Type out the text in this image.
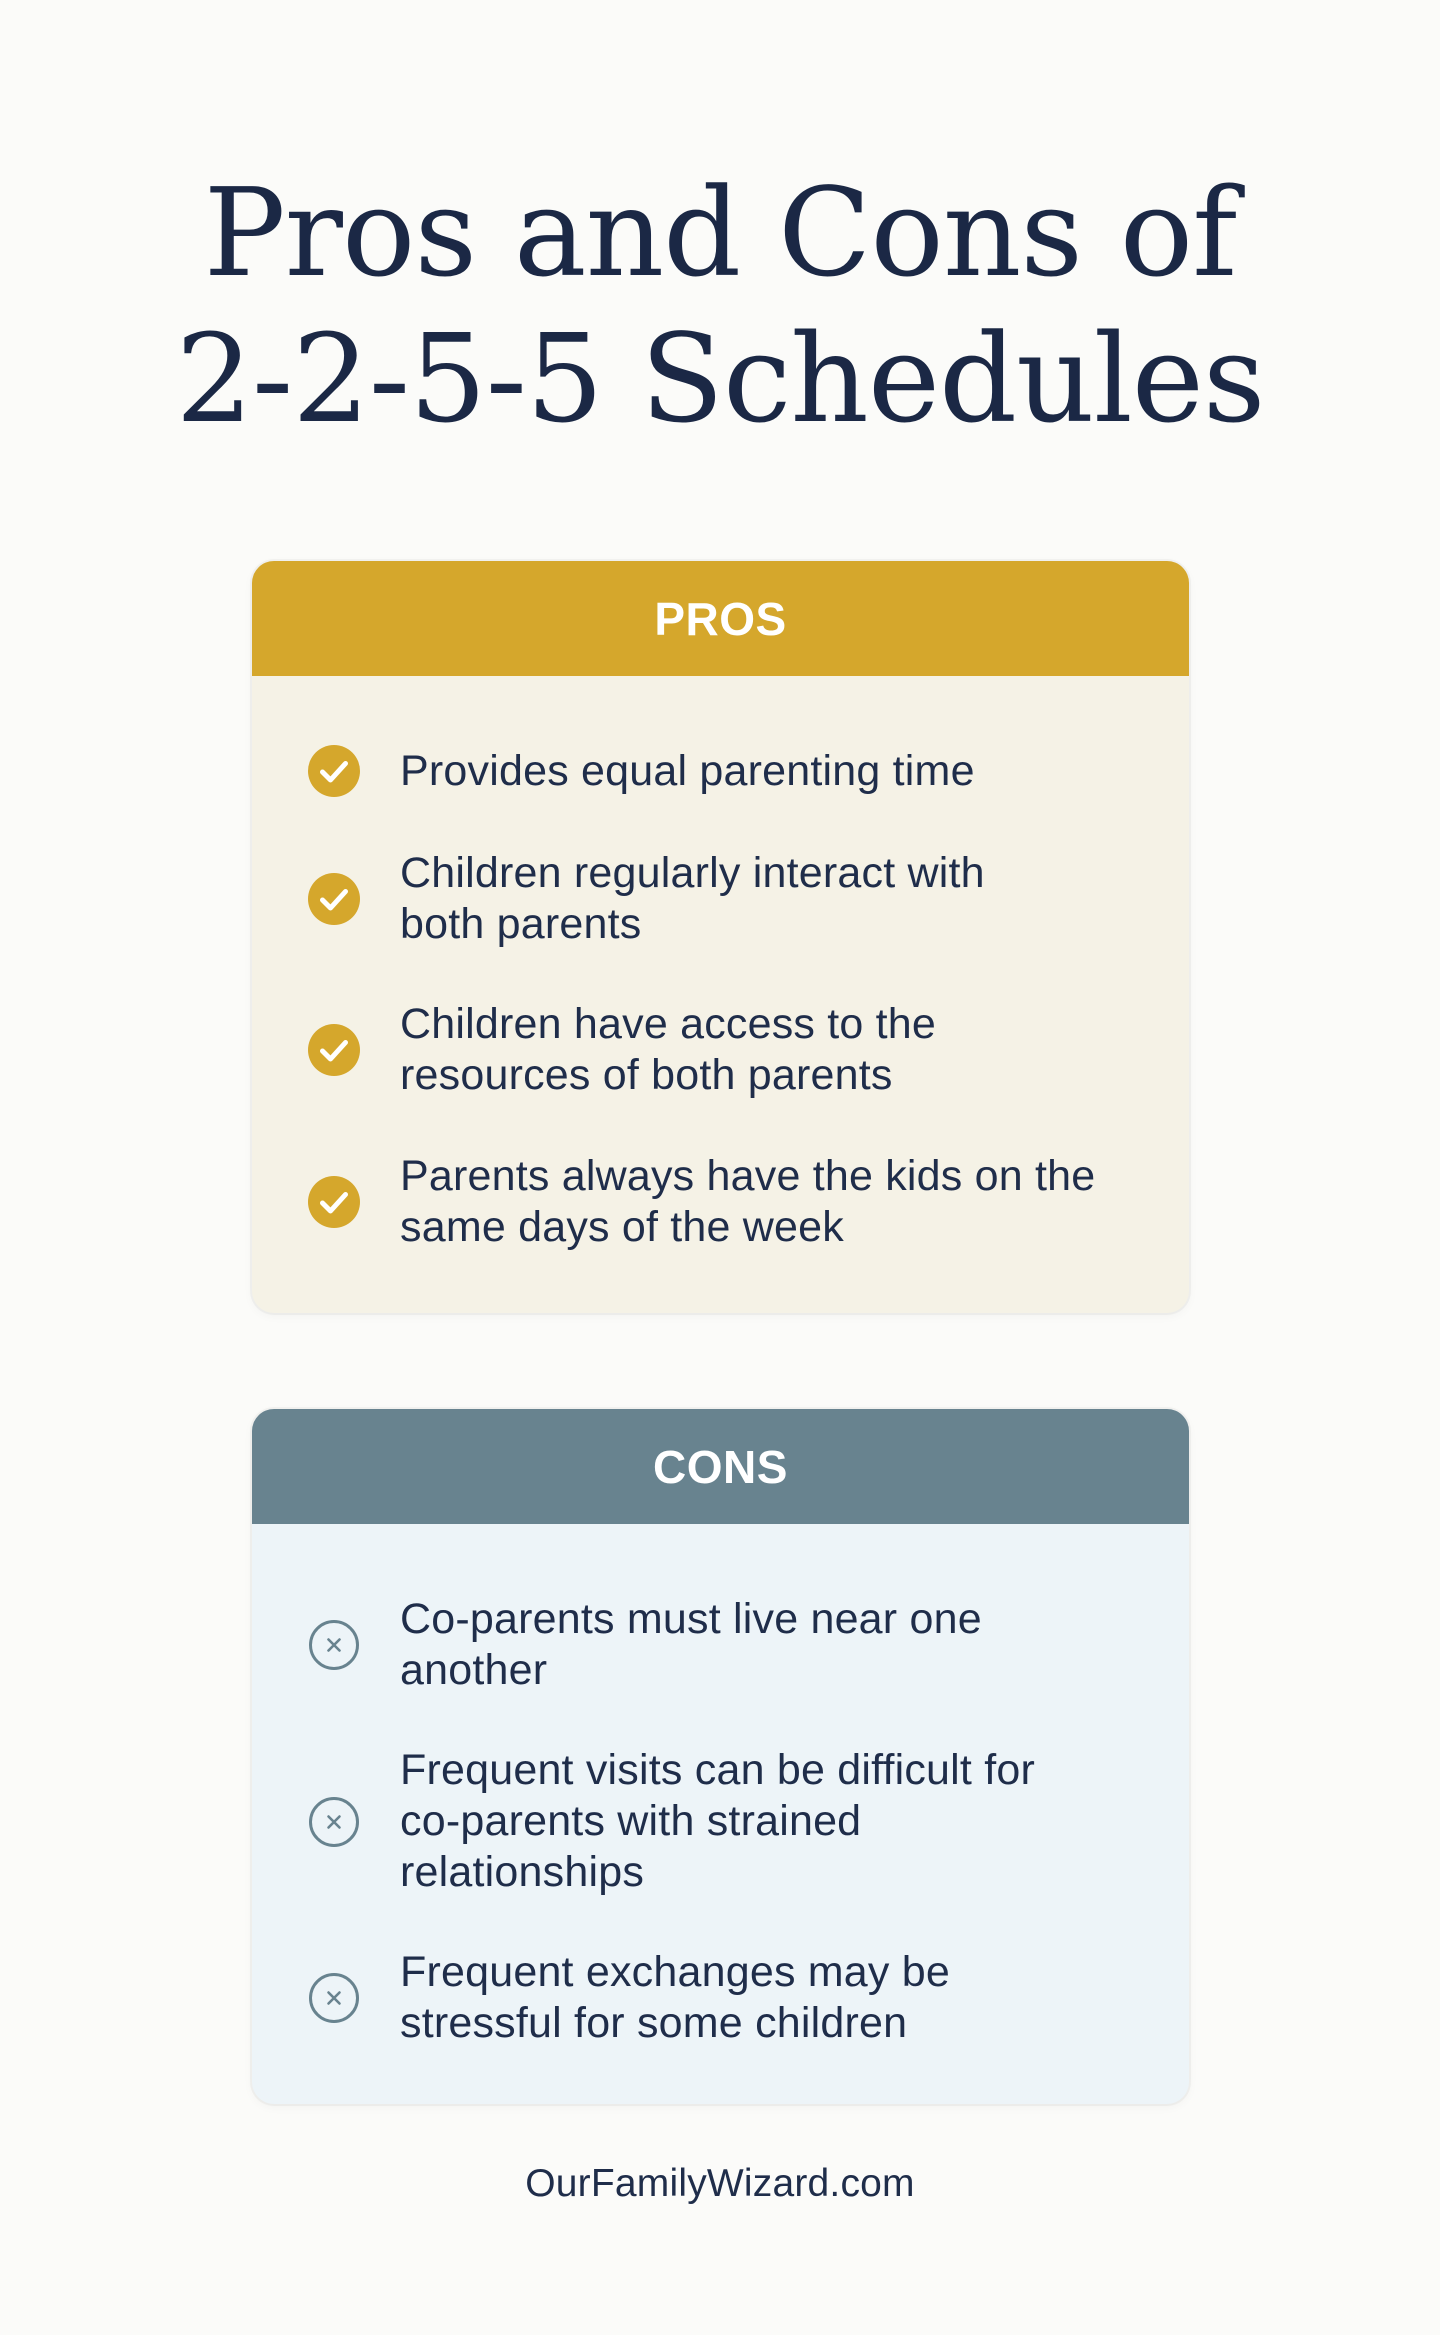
Pros and Cons of
2-2-5-5 Schedules
PROS
Provides equal parenting time
Children regularly interact with
both parents
Children have access to the
resources of both parents
Parents always have the kids on the
same days of the week
CONS
Co-parents must live near one
another
Frequent visits can be difficult for
co-parents with strained
relationships
Frequent exchanges may be
stressful for some children
OurFamilyWizard.com
